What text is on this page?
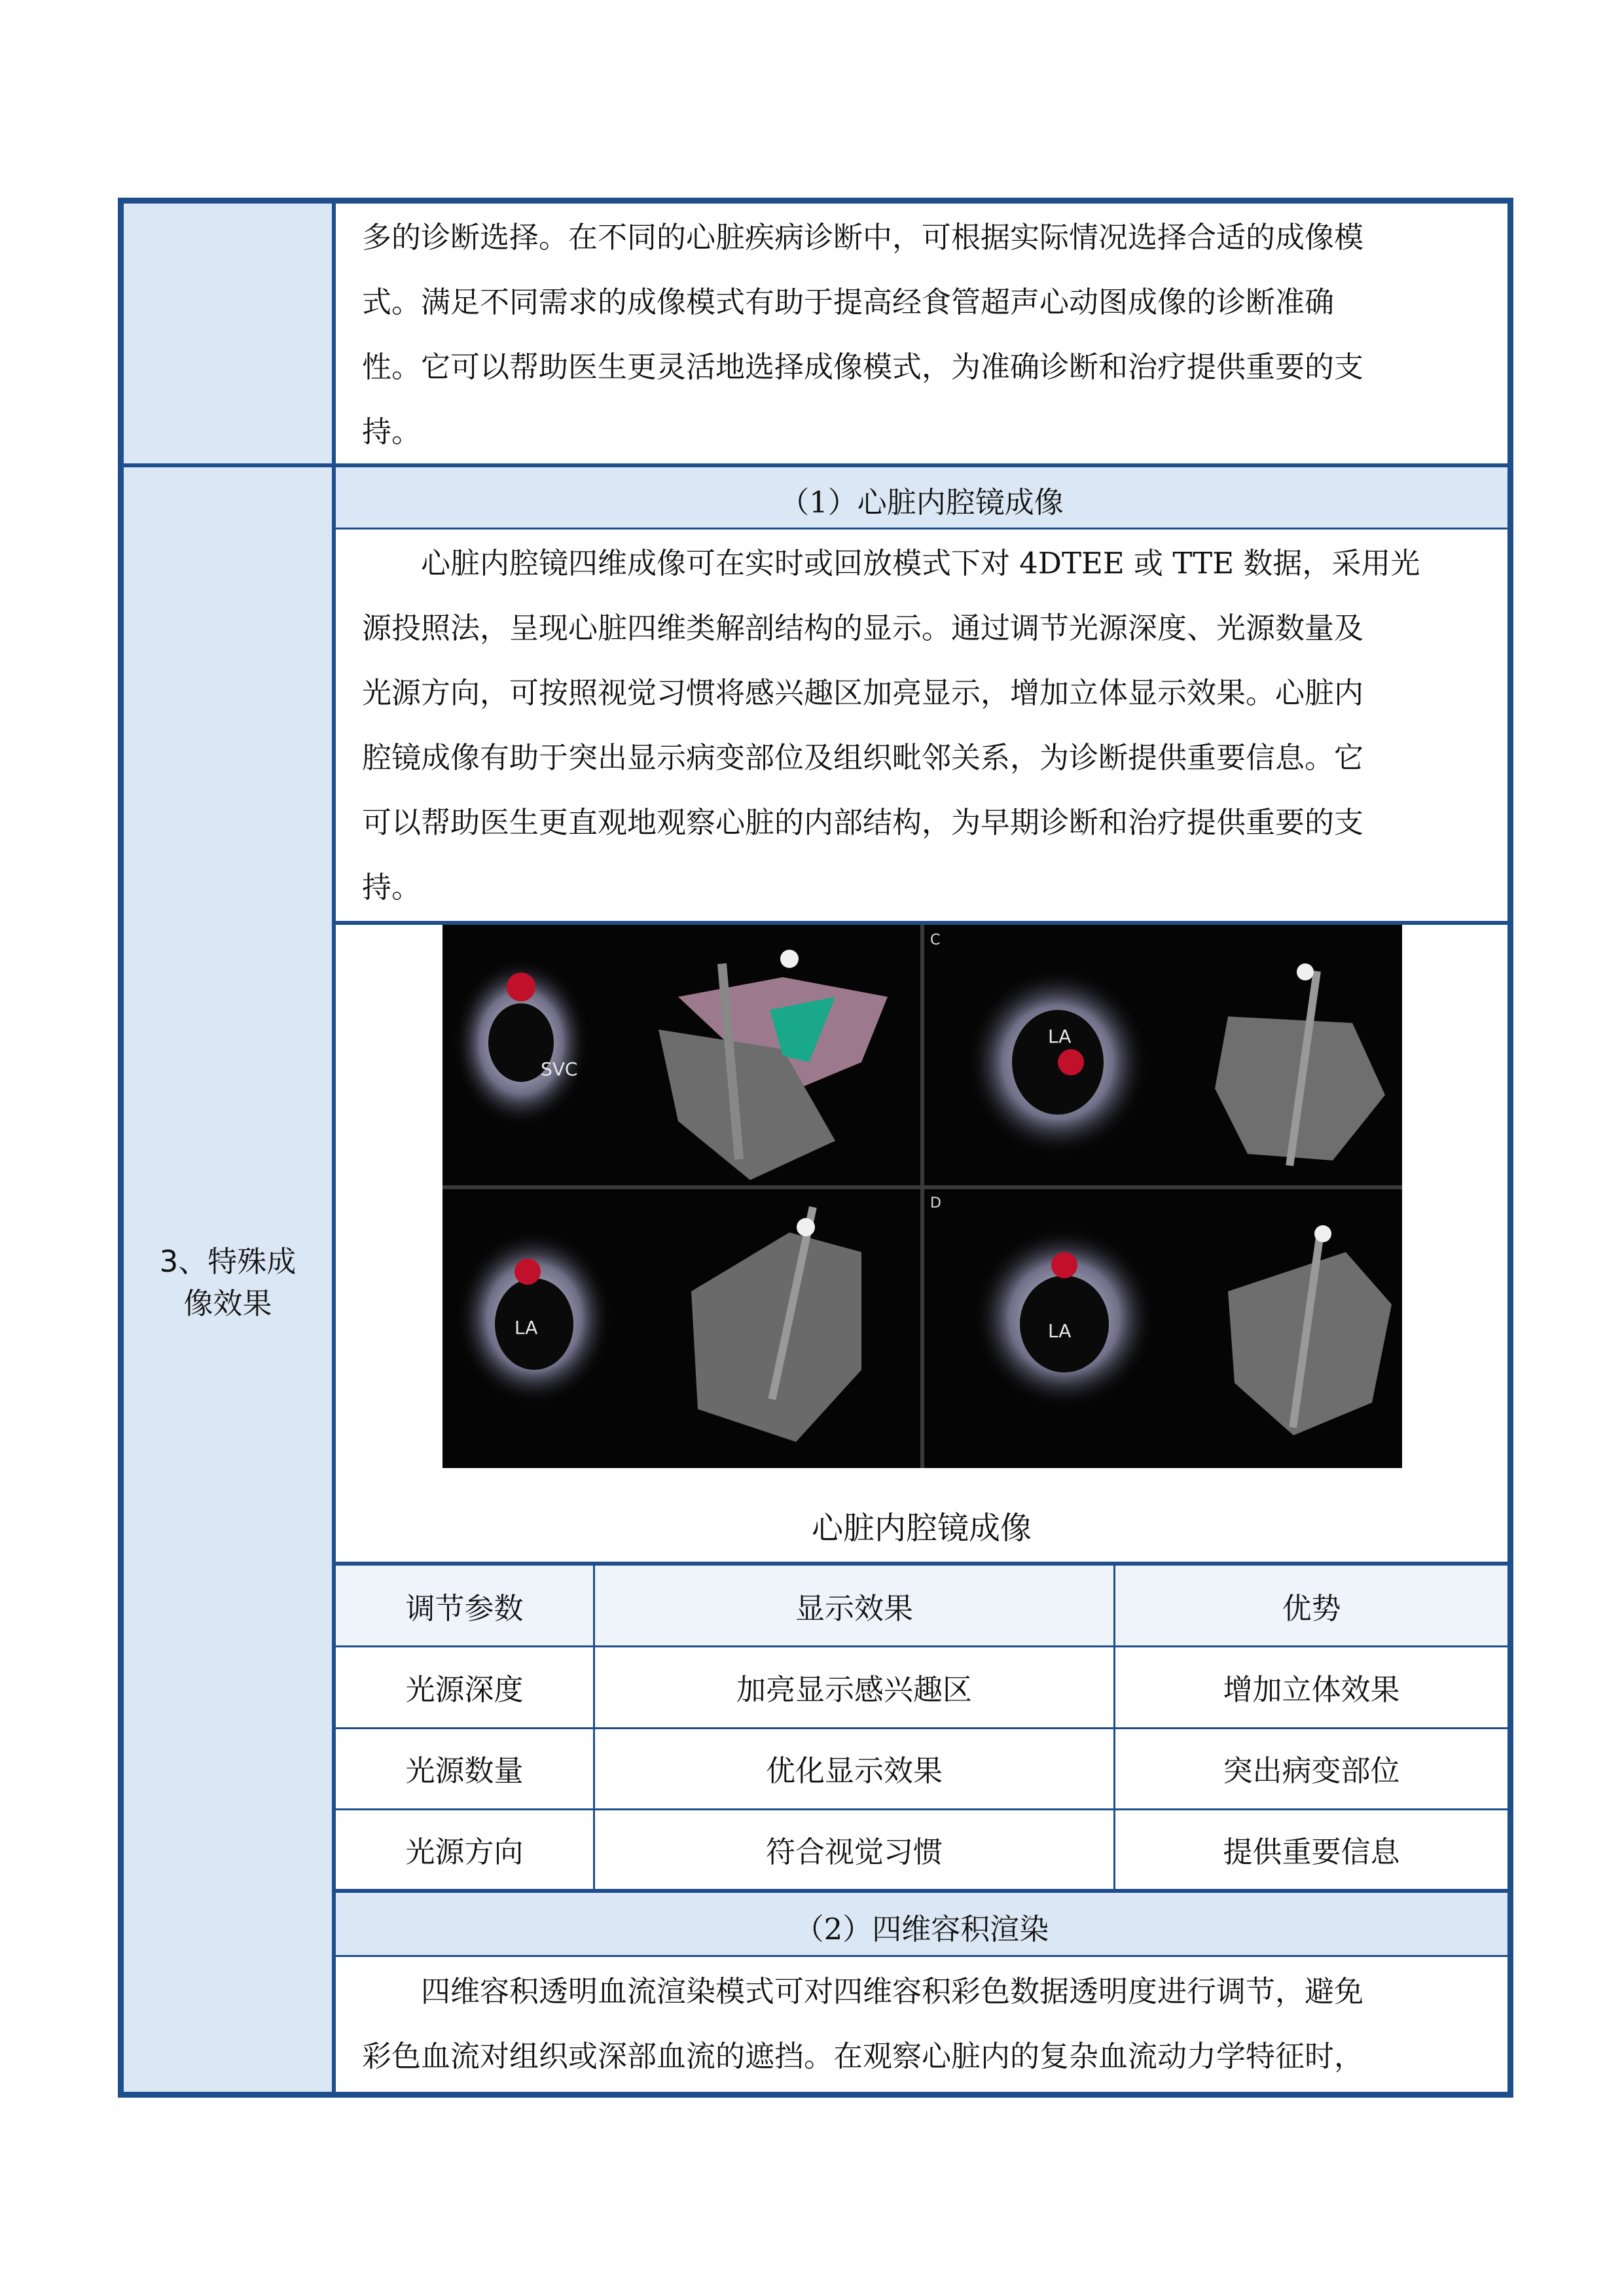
多的诊断选择。在不同的心脏疾病诊断中，可根据实际情况选择合适的成像模
式。满足不同需求的成像模式有助于提高经食管超声心动图成像的诊断准确
性。它可以帮助医生更灵活地选择成像模式，为准确诊断和治疗提供重要的支
持。

3、特殊成
像效果
（1）心脏内腔镜成像

心脏内腔镜四维成像可在实时或回放模式下对 4DTEE 或 TTE 数据，采用光
源投照法，呈现心脏四维类解剖结构的显示。通过调节光源深度、光源数量及
光源方向，可按照视觉习惯将感兴趣区加亮显示，增加立体显示效果。心脏内
腔镜成像有助于突出显示病变部位及组织毗邻关系，为诊断提供重要信息。它
可以帮助医生更直观地观察心脏的内部结构，为早期诊断和治疗提供重要的支
持。

SVC
C
LA
LA
D
LA
心脏内腔镜成像
调节参数	显示效果	优势
光源深度	加亮显示感兴趣区	增加立体效果
光源数量	优化显示效果	突出病变部位
光源方向	符合视觉习惯	提供重要信息
（2）四维容积渲染

四维容积透明血流渲染模式可对四维容积彩色数据透明度进行调节，避免
彩色血流对组织或深部血流的遮挡。在观察心脏内的复杂血流动力学特征时，
